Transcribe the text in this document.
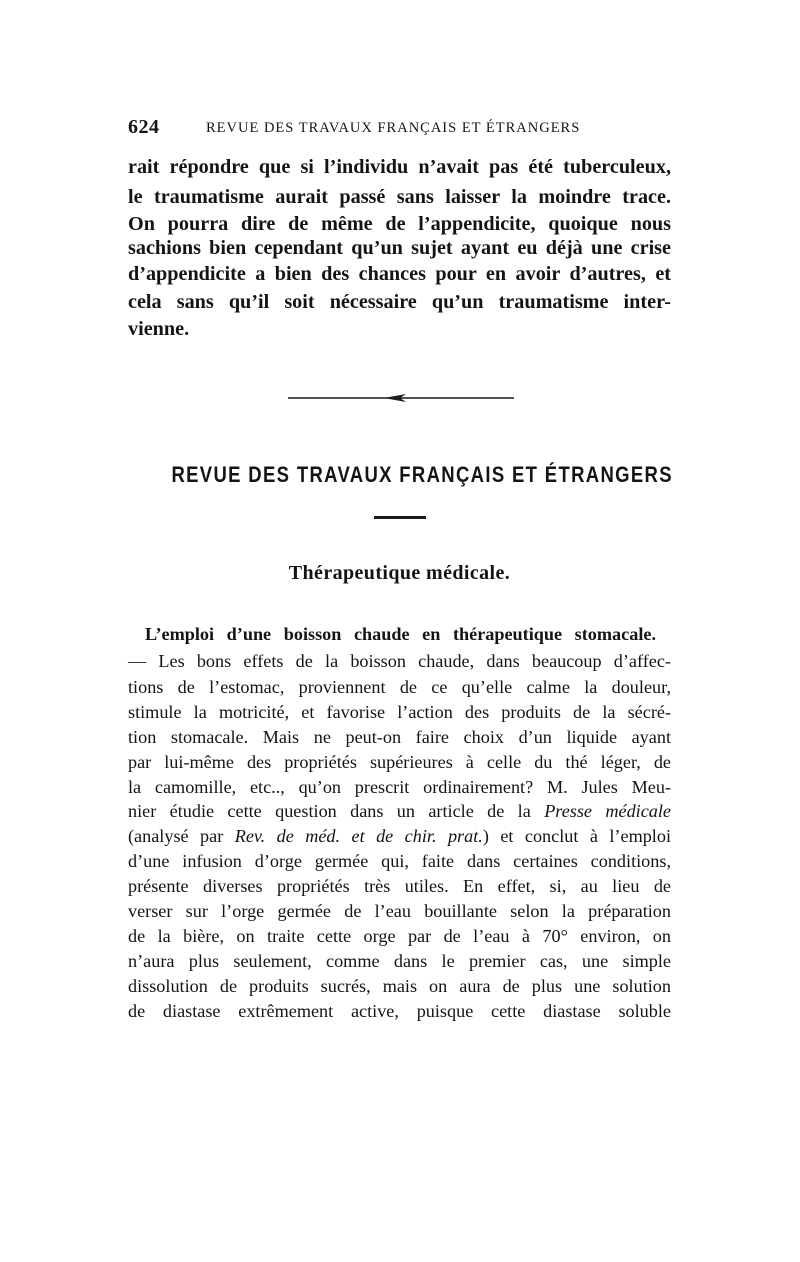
624	REVUE DES TRAVAUX FRANÇAIS ET ÉTRANGERS
rait répondre que si l’individu n’avait pas été tuberculeux,
le traumatisme aurait passé sans laisser la moindre trace.
On pourra dire de même de l’appendicite, quoique nous
sachions bien cependant qu’un sujet ayant eu déjà une crise
d’appendicite a bien des chances pour en avoir d’autres, et
cela sans qu’il soit nécessaire qu’un traumatisme inter-
vienne.
REVUE DES TRAVAUX FRANÇAIS ET ÉTRANGERS
Thérapeutique médicale.
L’emploi d’une boisson chaude en thérapeutique stomacale.
— Les bons effets de la boisson chaude, dans beaucoup d’affec-
tions de l’estomac, proviennent de ce qu’elle calme la douleur,
stimule la motricité, et favorise l’action des produits de la sécré-
tion stomacale. Mais ne peut-on faire choix d’un liquide ayant
par lui-même des propriétés supérieures à celle du thé léger, de
la camomille, etc.., qu’on prescrit ordinairement? M. Jules Meu-
nier étudie cette question dans un article de la Presse médicale
(analysé par Rev. de méd. et de chir. prat.) et conclut à l’emploi
d’une infusion d’orge germée qui, faite dans certaines conditions,
présente diverses propriétés très utiles. En effet, si, au lieu de
verser sur l’orge germée de l’eau bouillante selon la préparation
de la bière, on traite cette orge par de l’eau à 70° environ, on
n’aura plus seulement, comme dans le premier cas, une simple
dissolution de produits sucrés, mais on aura de plus une solution
de diastase extrêmement active, puisque cette diastase soluble
